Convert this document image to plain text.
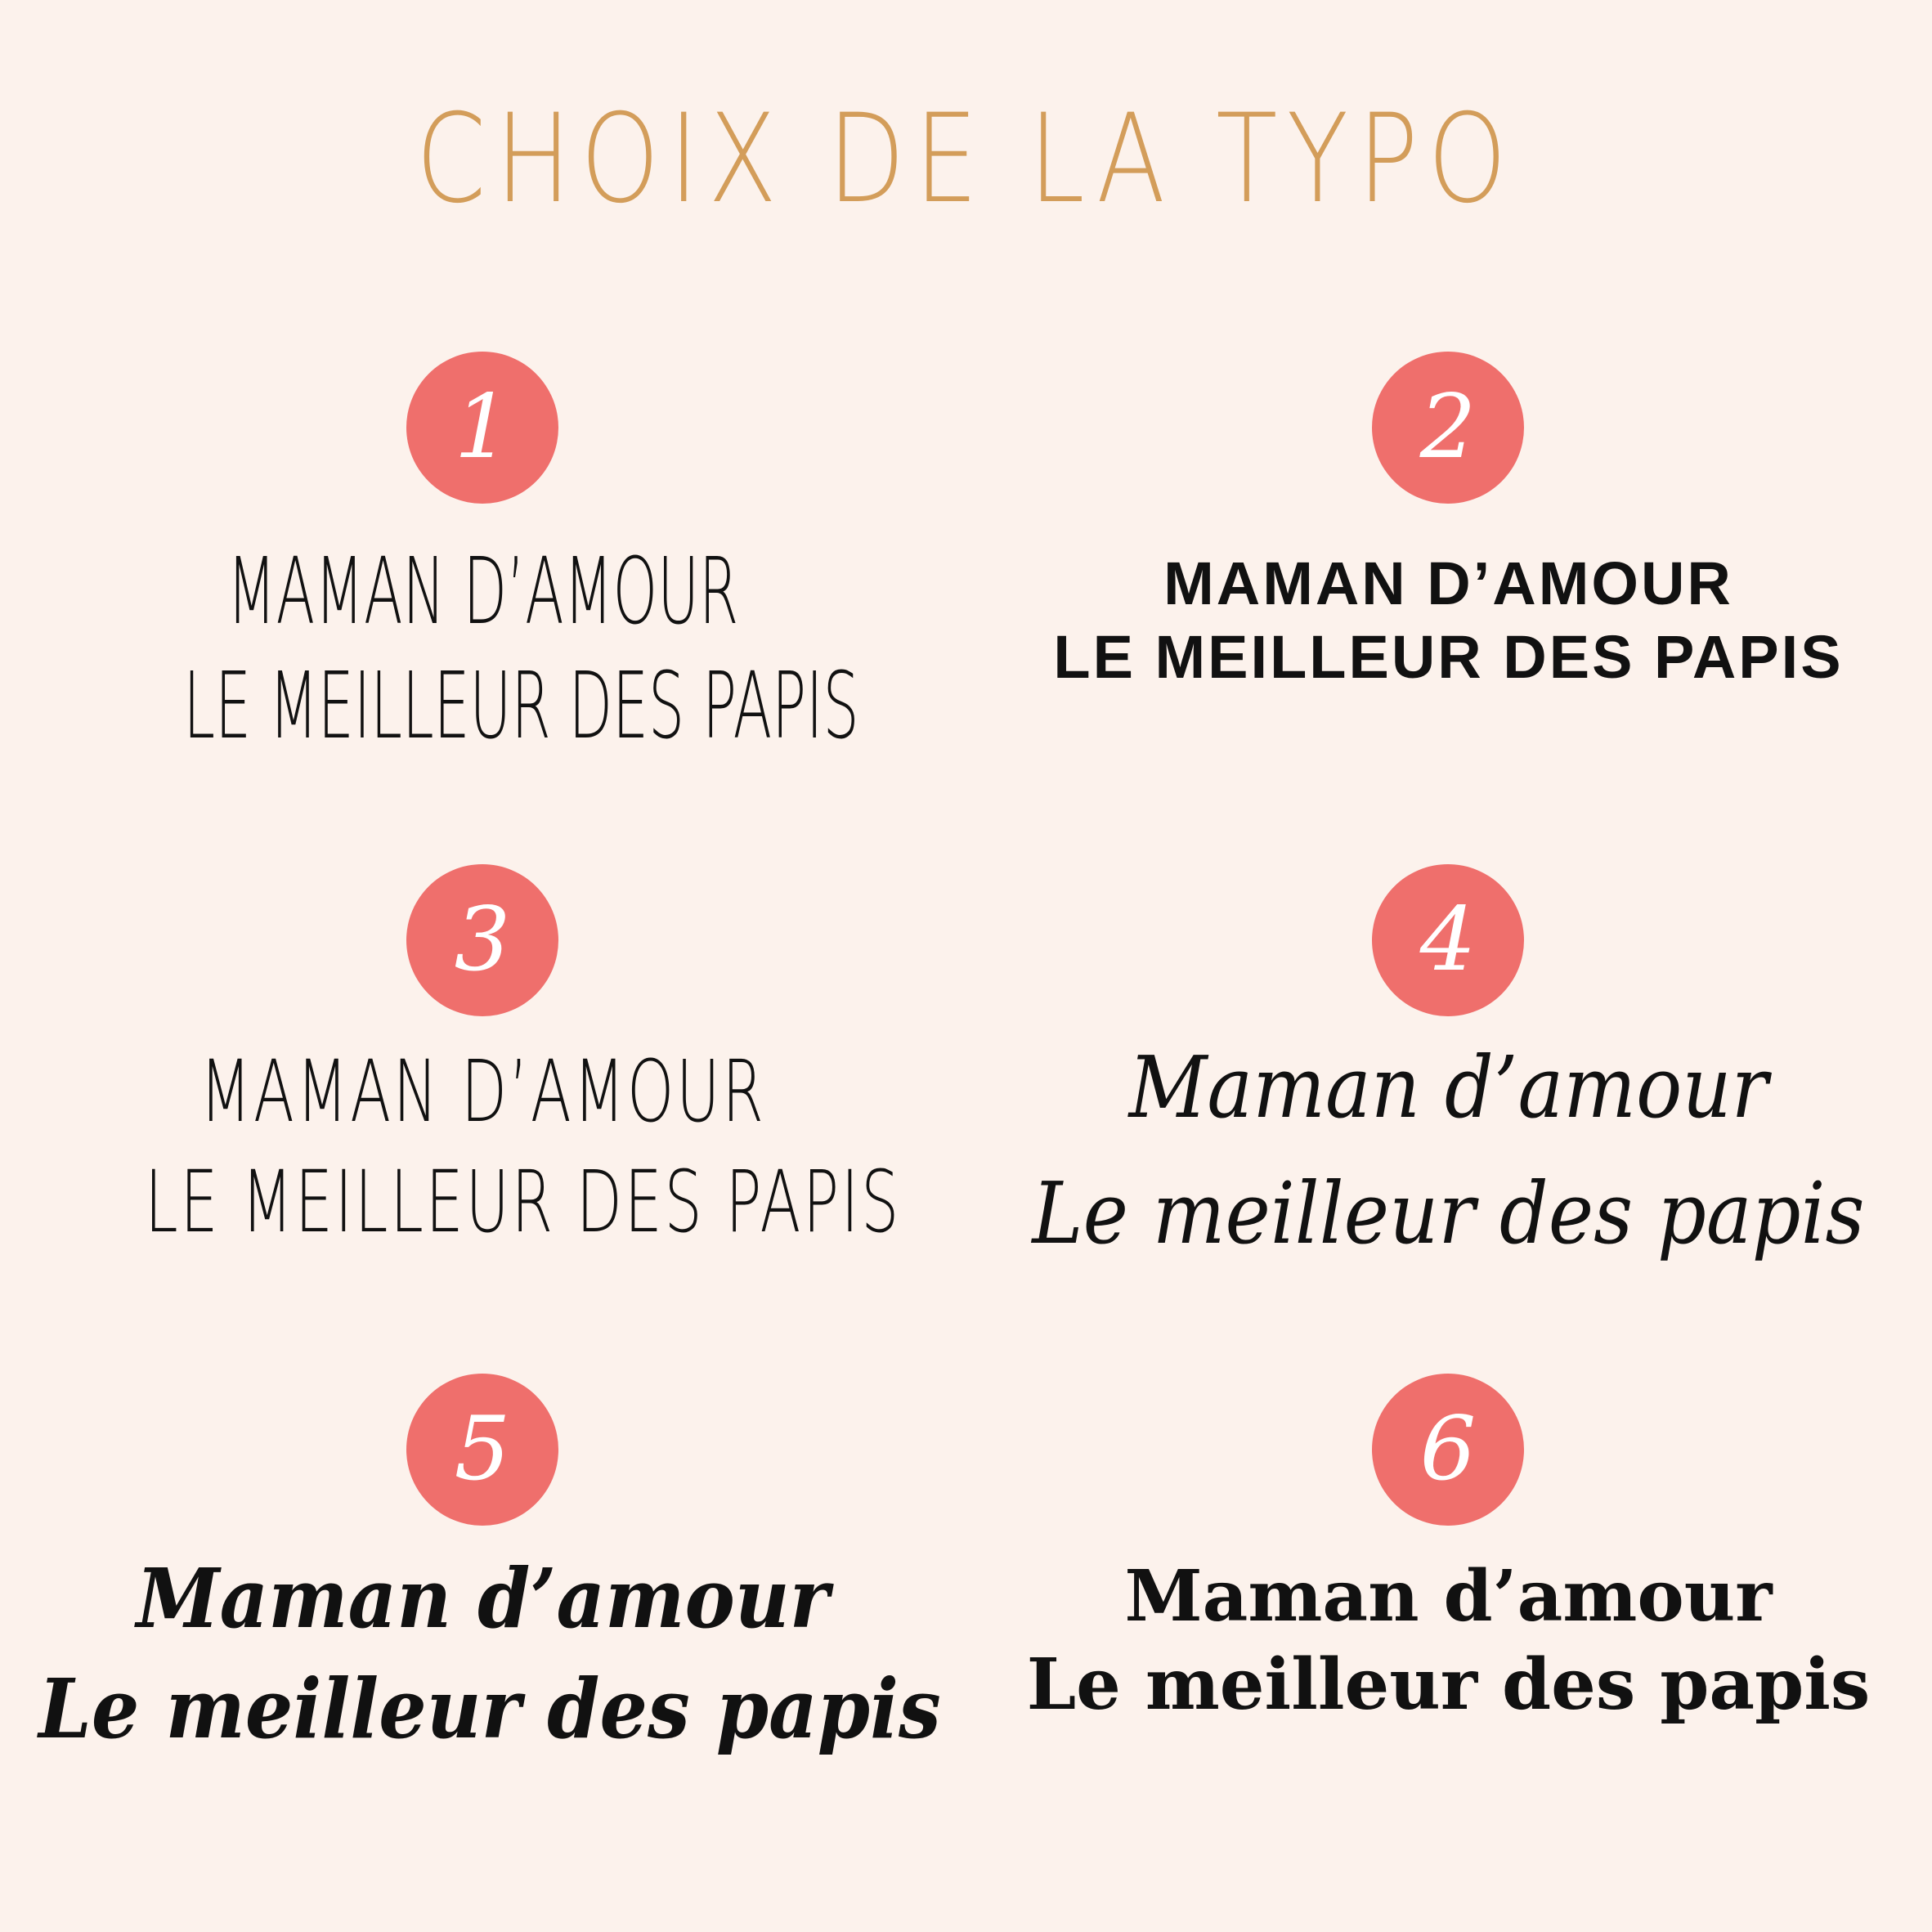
CHOIX DE LA TYPO
1
MAMAN D’AMOUR
LE MEILLEUR DES PAPIS
2
MAMAN D’AMOUR
LE MEILLEUR DES PAPIS
3
MAMAN D’AMOUR
LE MEILLEUR DES PAPIS
4
Maman d’amour
Le meilleur des papis
5
Maman d’amour
Le meilleur des papis
6
Maman d’amour
Le meilleur des papis
